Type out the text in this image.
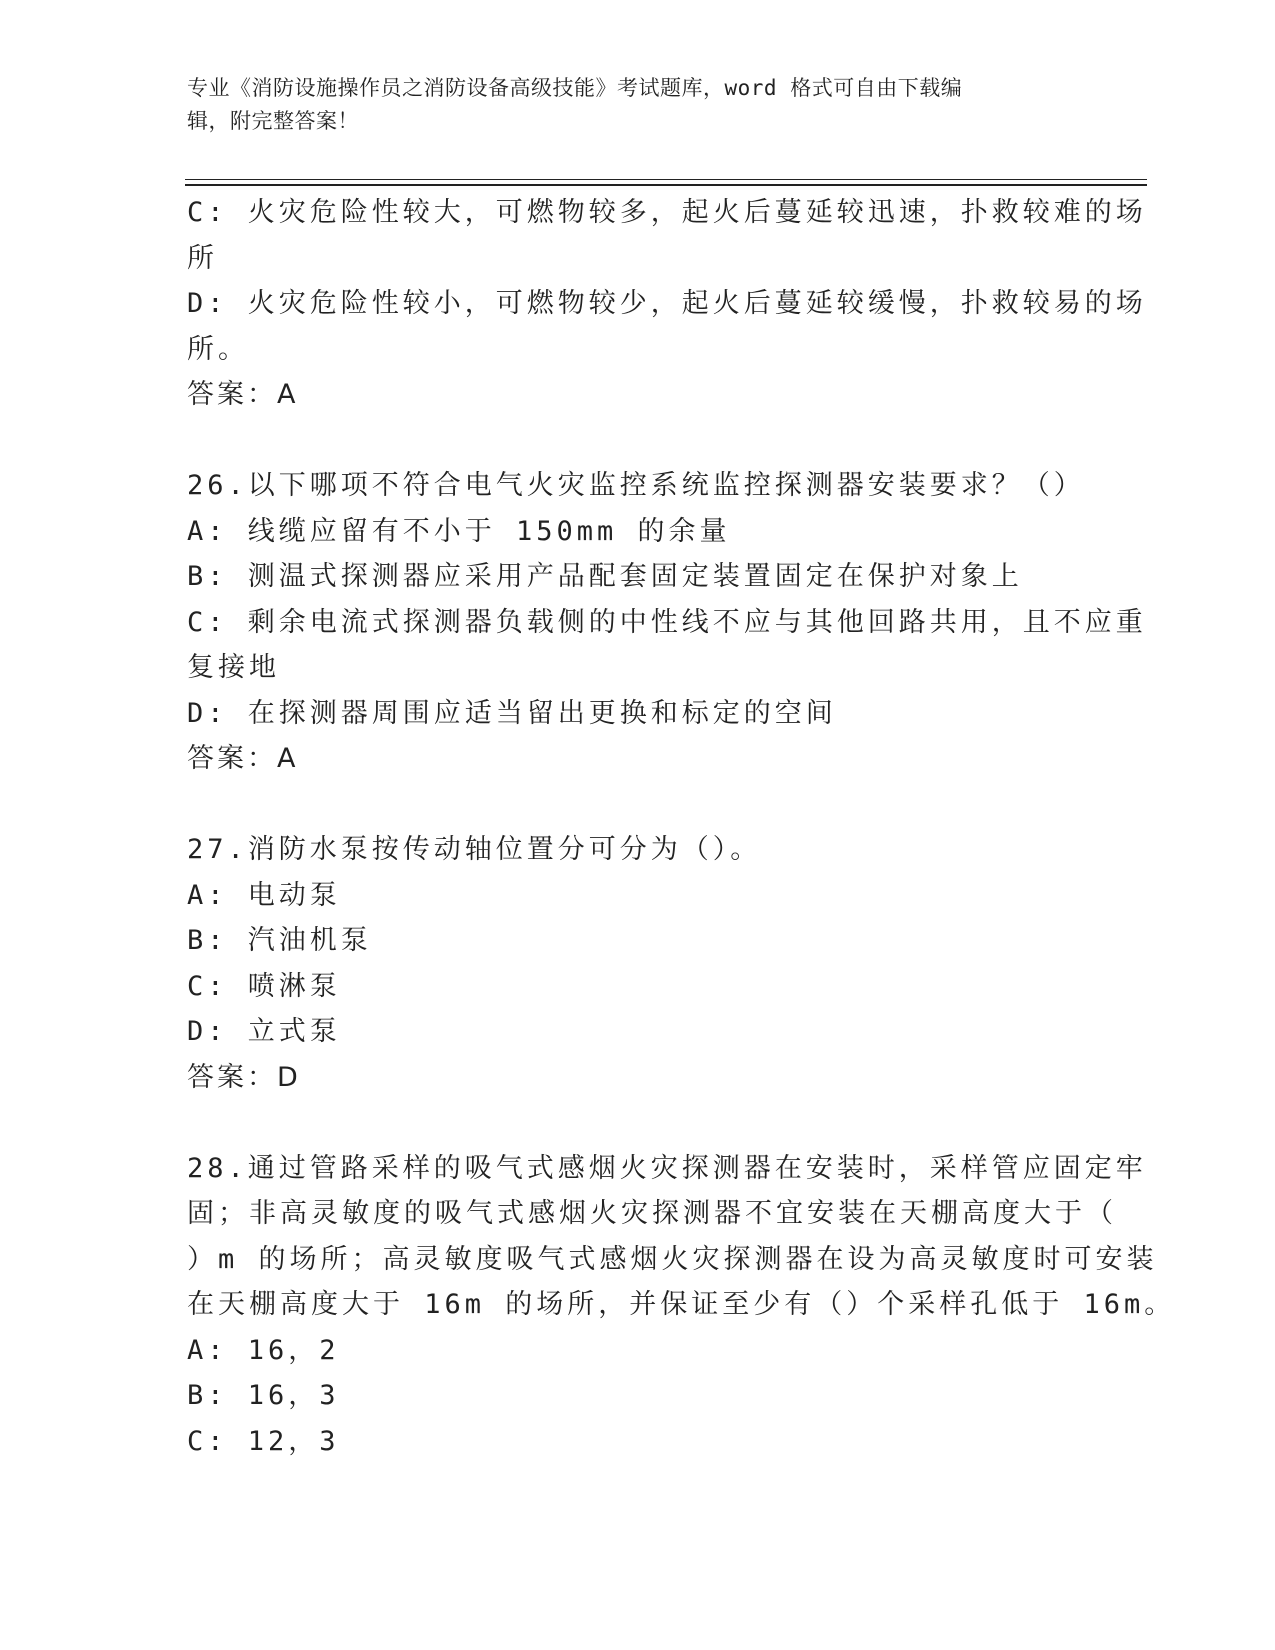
专业《消防设施操作员之消防设备高级技能》考试题库，word 格式可自由下载编
辑，附完整答案！
C: 火灾危险性较大，可燃物较多，起火后蔓延较迅速，扑救较难的场
所
D: 火灾危险性较小，可燃物较少，起火后蔓延较缓慢，扑救较易的场
所。
答案：A
26.以下哪项不符合电气火灾监控系统监控探测器安装要求？（）
A: 线缆应留有不小于 150mm 的余量
B: 测温式探测器应采用产品配套固定装置固定在保护对象上
C: 剩余电流式探测器负载侧的中性线不应与其他回路共用，且不应重
复接地
D: 在探测器周围应适当留出更换和标定的空间
答案：A
27.消防水泵按传动轴位置分可分为（）。
A: 电动泵
B: 汽油机泵
C: 喷淋泵
D: 立式泵
答案：D
28.通过管路采样的吸气式感烟火灾探测器在安装时，采样管应固定牢
固；非高灵敏度的吸气式感烟火灾探测器不宜安装在天棚高度大于（
）m 的场所；高灵敏度吸气式感烟火灾探测器在设为高灵敏度时可安装
在天棚高度大于 16m 的场所，并保证至少有（）个采样孔低于 16m。
A: 16，2
B: 16，3
C: 12，3
